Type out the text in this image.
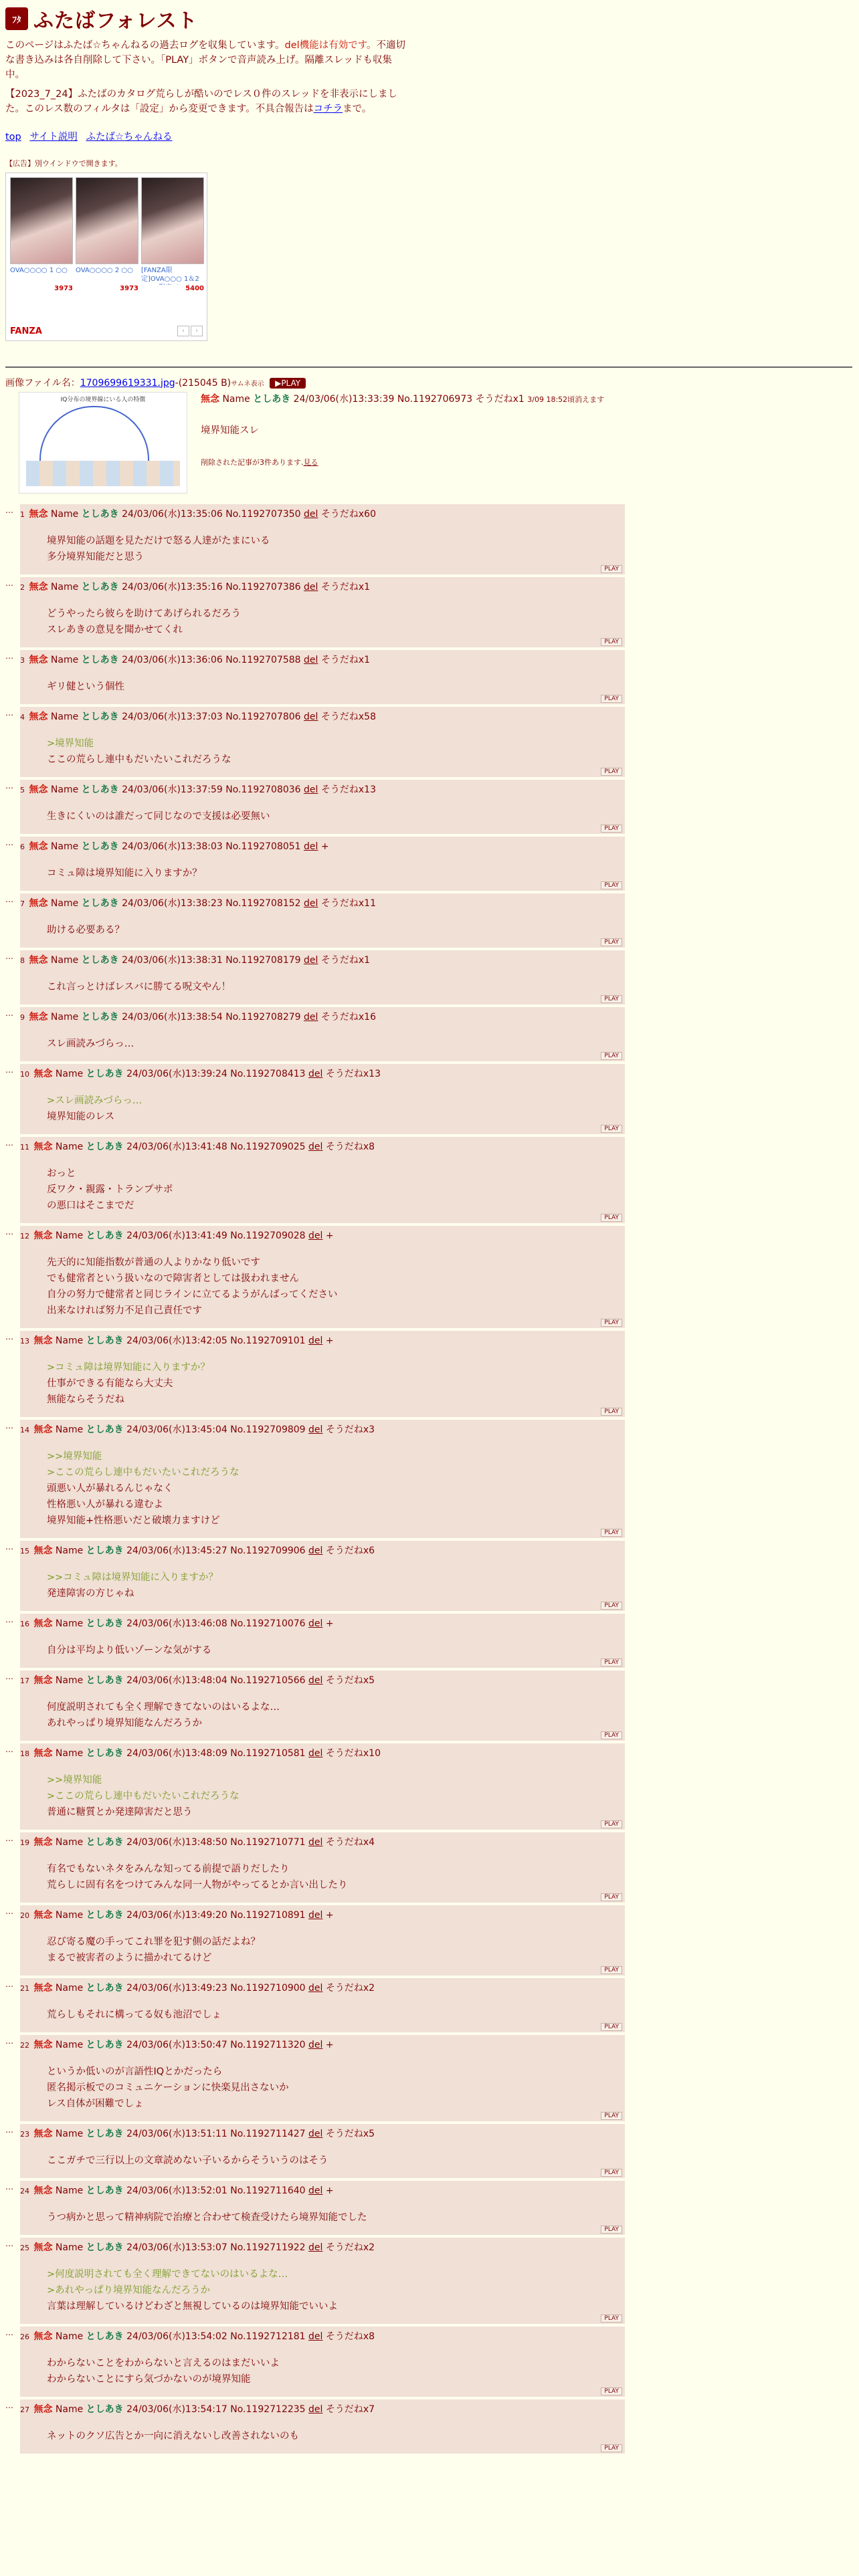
ﾌﾀ ふたばフォレスト

このページはふたば☆ちゃんねるの過去ログを収集しています。del機能は有効です。不適切な書き込みは各自削除して下さい。「PLAY」ボタンで音声読み上げ。隔離スレッドも収集中。

【2023_7_24】ふたばのカタログ荒らしが酷いのでレス０件のスレッドを非表示にしました。このレス数のフィルタは「設定」から変更できます。不具合報告はコチラまで。

top サイト説明 ふたば☆ちゃんねる
【広告】別ウインドウで開きます。
OVA○○○○ 1 ○○
3973
OVA○○○○ 2 ○○
3973
[FANZA限定]OVA○○○ 1＆2
5400
FANZA	‹	›
画像ファイル名：1709699619331.jpg-(215045 B)サムネ表示 ▶PLAY
IQ分布の境界線にいる人の特徴	無念 Name としあき 24/03/06(水)13:33:39 No.1192706973 そうだねx1 3/09 18:52頃消えます
境界知能スレ
削除された記事が3件あります.見る
… 1 無念 Name としあき 24/03/06(水)13:35:06 No.1192707350 del そうだねx60
境界知能の話題を見ただけで怒る人達がたまにいる
多分境界知能だと思う
PLAY
… 2 無念 Name としあき 24/03/06(水)13:35:16 No.1192707386 del そうだねx1
どうやったら彼らを助けてあげられるだろう
スレあきの意見を聞かせてくれ
PLAY
… 3 無念 Name としあき 24/03/06(水)13:36:06 No.1192707588 del そうだねx1
ギリ健という個性
PLAY
… 4 無念 Name としあき 24/03/06(水)13:37:03 No.1192707806 del そうだねx58
>境界知能
ここの荒らし連中もだいたいこれだろうな
PLAY
… 5 無念 Name としあき 24/03/06(水)13:37:59 No.1192708036 del そうだねx13
生きにくいのは誰だって同じなので支援は必要無い
PLAY
… 6 無念 Name としあき 24/03/06(水)13:38:03 No.1192708051 del +
コミュ障は境界知能に入りますか？
PLAY
… 7 無念 Name としあき 24/03/06(水)13:38:23 No.1192708152 del そうだねx11
助ける必要ある？
PLAY
… 8 無念 Name としあき 24/03/06(水)13:38:31 No.1192708179 del そうだねx1
これ言っとけばレスバに勝てる呪文やん！
PLAY
… 9 無念 Name としあき 24/03/06(水)13:38:54 No.1192708279 del そうだねx16
スレ画読みづらっ…
PLAY
… 10 無念 Name としあき 24/03/06(水)13:39:24 No.1192708413 del そうだねx13
>スレ画読みづらっ…
境界知能のレス
PLAY
… 11 無念 Name としあき 24/03/06(水)13:41:48 No.1192709025 del そうだねx8
おっと
反ワク・親露・トランプサポ
の悪口はそこまでだ
PLAY
… 12 無念 Name としあき 24/03/06(水)13:41:49 No.1192709028 del +
先天的に知能指数が普通の人よりかなり低いです
でも健常者という扱いなので障害者としては扱われません
自分の努力で健常者と同じラインに立てるようがんばってください
出来なければ努力不足自己責任です
PLAY
… 13 無念 Name としあき 24/03/06(水)13:42:05 No.1192709101 del +
>コミュ障は境界知能に入りますか？
仕事ができる有能なら大丈夫
無能ならそうだね
PLAY
… 14 無念 Name としあき 24/03/06(水)13:45:04 No.1192709809 del そうだねx3
>>境界知能
>ここの荒らし連中もだいたいこれだろうな
頭悪い人が暴れるんじゃなく
性格悪い人が暴れる違むよ
境界知能+性格悪いだと破壊力ますけど
PLAY
… 15 無念 Name としあき 24/03/06(水)13:45:27 No.1192709906 del そうだねx6
>>コミュ障は境界知能に入りますか？
発達障害の方じゃね
PLAY
… 16 無念 Name としあき 24/03/06(水)13:46:08 No.1192710076 del +
自分は平均より低いゾーンな気がする
PLAY
… 17 無念 Name としあき 24/03/06(水)13:48:04 No.1192710566 del そうだねx5
何度説明されても全く理解できてないのはいるよな…
あれやっぱり境界知能なんだろうか
PLAY
… 18 無念 Name としあき 24/03/06(水)13:48:09 No.1192710581 del そうだねx10
>>境界知能
>ここの荒らし連中もだいたいこれだろうな
普通に糖質とか発達障害だと思う
PLAY
… 19 無念 Name としあき 24/03/06(水)13:48:50 No.1192710771 del そうだねx4
有名でもないネタをみんな知ってる前提で語りだしたり
荒らしに固有名をつけてみんな同一人物がやってるとか言い出したり
PLAY
… 20 無念 Name としあき 24/03/06(水)13:49:20 No.1192710891 del +
忍び寄る魔の手ってこれ罪を犯す側の話だよね？
まるで被害者のように描かれてるけど
PLAY
… 21 無念 Name としあき 24/03/06(水)13:49:23 No.1192710900 del そうだねx2
荒らしもそれに構ってる奴も池沼でしょ
PLAY
… 22 無念 Name としあき 24/03/06(水)13:50:47 No.1192711320 del +
というか低いのが言語性IQとかだったら
匿名掲示板でのコミュニケーションに快楽見出さないか
レス自体が困難でしょ
PLAY
… 23 無念 Name としあき 24/03/06(水)13:51:11 No.1192711427 del そうだねx5
ここガチで三行以上の文章読めない子いるからそういうのはそう
PLAY
… 24 無念 Name としあき 24/03/06(水)13:52:01 No.1192711640 del +
うつ病かと思って精神病院で治療と合わせて検査受けたら境界知能でした
PLAY
… 25 無念 Name としあき 24/03/06(水)13:53:07 No.1192711922 del そうだねx2
>何度説明されても全く理解できてないのはいるよな…
>あれやっぱり境界知能なんだろうか
言葉は理解しているけどわざと無視しているのは境界知能でいいよ
PLAY
… 26 無念 Name としあき 24/03/06(水)13:54:02 No.1192712181 del そうだねx8
わからないことをわからないと言えるのはまだいいよ
わからないことにすら気づかないのが境界知能
PLAY
… 27 無念 Name としあき 24/03/06(水)13:54:17 No.1192712235 del そうだねx7
ネットのクソ広告とか一向に消えないし改善されないのも
PLAY
